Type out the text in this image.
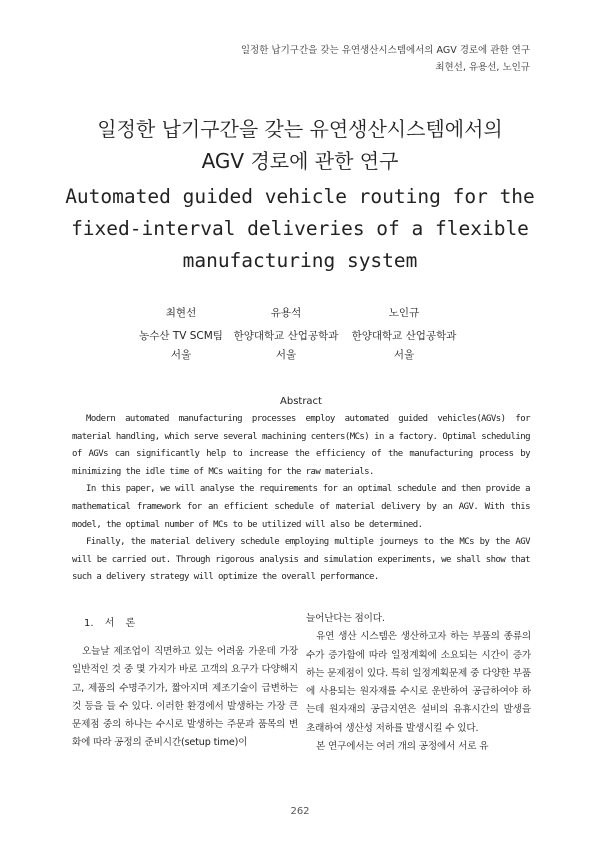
일정한 납기구간을 갖는 유연생산시스템에서의 AGV 경로에 관한 연구
최현선, 유용선, 노인규
일정한 납기구간을 갖는 유연생산시스템에서의
AGV 경로에 관한 연구
Automated guided vehicle routing for the
fixed-interval deliveries of a flexible
manufacturing system
최현선
농수산 TV SCM팀
서울
유용석
한양대학교 산업공학과
서울
노인규
한양대학교 산업공학과
서울
Abstract

Modern automated manufacturing processes employ automated guided vehicles(AGVs) for material handling, which serve several machining centers(MCs) in a factory. Optimal scheduling of AGVs can significantly help to increase the efficiency of the manufacturing process by minimizing the idle time of MCs waiting for the raw materials.

In this paper, we will analyse the requirements for an optimal schedule and then provide a mathematical framework for an efficient schedule of material delivery by an AGV. With this model, the optimal number of MCs to be utilized will also be determined.

Finally, the material delivery schedule employing multiple journeys to the MCs by the AGV will be carried out. Through rigorous analysis and simulation experiments, we shall show that such a delivery strategy will optimize the overall performance.

1. 서 론

오늘날 제조업이 직면하고 있는 어려움 가운데 가장 일반적인 것 중 몇 가지가 바로 고객의 요구가 다양해지고, 제품의 수명주기가, 짧아지며 제조기술이 급변하는 것 등을 들 수 있다. 이러한 환경에서 발생하는 가장 큰 문제점 중의 하나는 수시로 발생하는 주문과 품목의 변화에 따라 공정의 준비시간(setup time)이

늘어난다는 점이다.

유연 생산 시스템은 생산하고자 하는 부품의 종류의 수가 증가함에 따라 일정계획에 소요되는 시간이 증가하는 문제점이 있다. 특히 일정계획문제 중 다양한 부품에 사용되는 원자재를 수시로 운반하여 공급하여야 하는데 원자재의 공급지연은 설비의 유휴시간의 발생을 초래하여 생산성 저하를 발생시킬 수 있다.

본 연구에서는 여러 개의 공정에서 서로 유

262
